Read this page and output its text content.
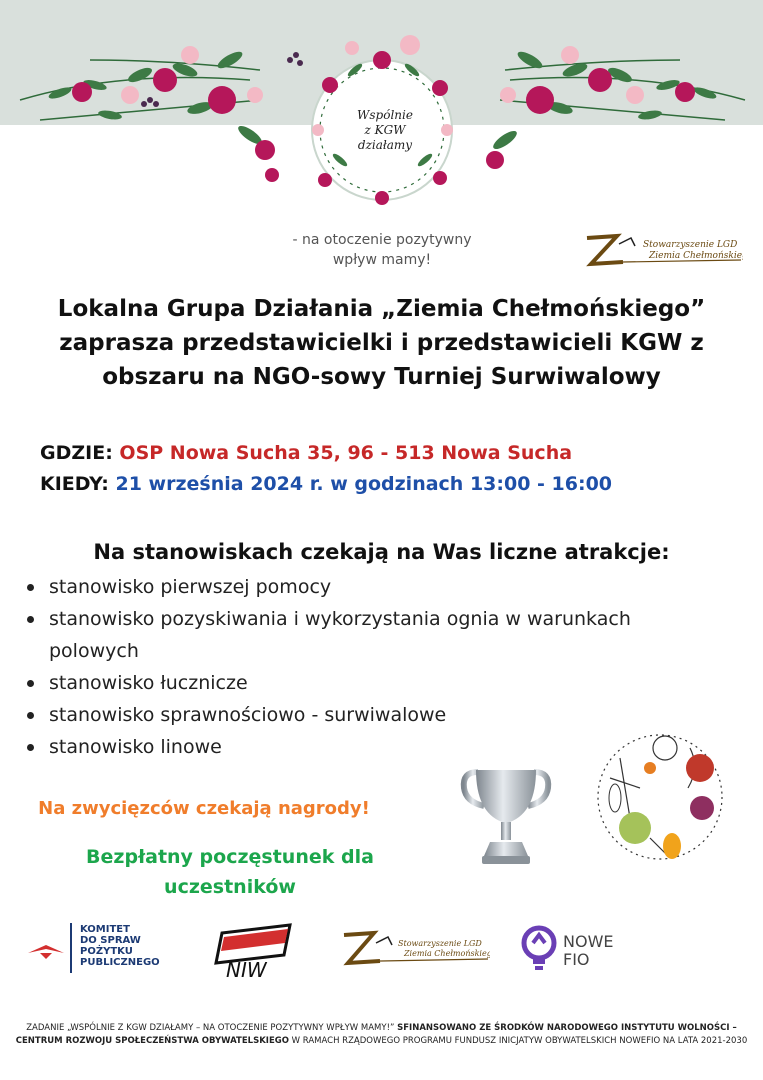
Wspólnie
z KGW
działamy
- na otoczenie pozytywny
wpływ mamy!
Stowarzyszenie LGD
Ziemia Chełmońskiego
Lokalna Grupa Działania „Ziemia Chełmońskiego”
zaprasza przedstawicielki i przedstawicieli KGW z
obszaru na NGO-sowy Turniej Surwiwalowy
GDZIE: OSP Nowa Sucha 35, 96 - 513 Nowa Sucha
KIEDY: 21 września 2024 r. w godzinach 13:00 - 16:00
Na stanowiskach czekają na Was liczne atrakcje:
stanowisko pierwszej pomocy
stanowisko pozyskiwania i wykorzystania ognia w warunkach
polowych
stanowisko łucznicze
stanowisko sprawnościowo - surwiwalowe
stanowisko linowe
Na zwycięzców czekają nagrody!
Bezpłatny poczęstunek dla
uczestników
KOMITET
DO SPRAW
POŻYTKU
PUBLICZNEGO	NIW
Stowarzyszenie LGD
Ziemia Chełmońskiego
NOWE
FIO
ZADANIE „WSPÓLNIE Z KGW DZIAŁAMY – NA OTOCZENIE POZYTYWNY WPŁYW MAMY!” SFINANSOWANO ZE ŚRODKÓW NARODOWEGO INSTYTUTU WOLNOŚCI – CENTRUM ROZWOJU SPOŁECZEŃSTWA OBYWATELSKIEGO W RAMACH RZĄDOWEGO PROGRAMU FUNDUSZ INICJATYW OBYWATELSKICH NOWEFIO NA LATA 2021-2030
